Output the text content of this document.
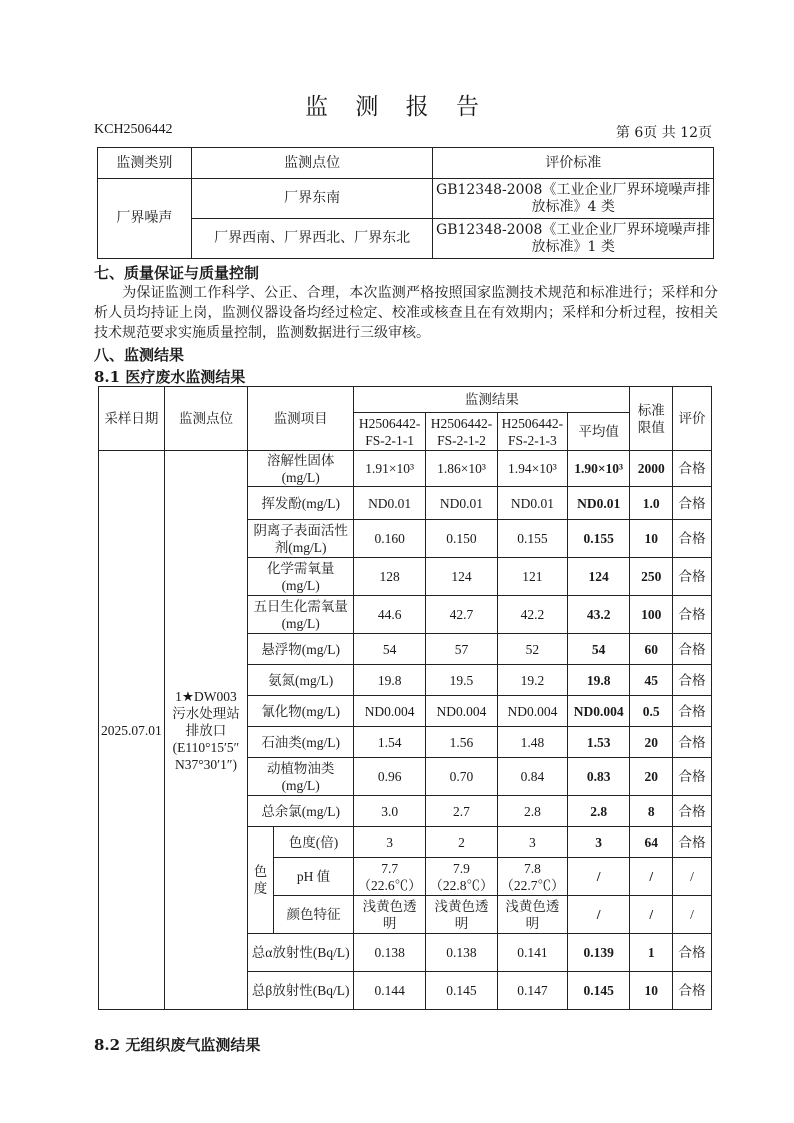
监 测 报 告
KCH2506442	第 6页 共 12页
监测类别	监测点位	评价标准
厂界噪声	厂界东南	GB12348-2008《工业企业厂界环境噪声排放标准》4 类
	厂界西南、厂界西北、厂界东北	GB12348-2008《工业企业厂界环境噪声排放标准》1 类
七、质量保证与质量控制
为保证监测工作科学、公正、合理，本次监测严格按照国家监测技术规范和标准进行；采样和分析人员均持证上岗，监测仪器设备均经过检定、校准或核查且在有效期内；采样和分析过程，按相关技术规范要求实施质量控制，监测数据进行三级审核。
八、监测结果
8.1 医疗废水监测结果
采样日期	监测点位	监测项目		监测结果				标准限值	评价
				H2506442-FS-2-1-1	H2506442-FS-2-1-2	H2506442-FS-2-1-3	平均值		
2025.07.01	1★DW003 污水处理站排放口 (E110°15′5″ N37°30′1″)	溶解性固体(mg/L)		1.91×10³	1.86×10³	1.94×10³	1.90×10³	2000	合格
		挥发酚(mg/L)		ND0.01	ND0.01	ND0.01	ND0.01	1.0	合格
		阴离子表面活性剂(mg/L)		0.160	0.150	0.155	0.155	10	合格
		化学需氧量(mg/L)		128	124	121	124	250	合格
		五日生化需氧量(mg/L)		44.6	42.7	42.2	43.2	100	合格
		悬浮物(mg/L)		54	57	52	54	60	合格
		氨氮(mg/L)		19.8	19.5	19.2	19.8	45	合格
		氰化物(mg/L)		ND0.004	ND0.004	ND0.004	ND0.004	0.5	合格
		石油类(mg/L)		1.54	1.56	1.48	1.53	20	合格
		动植物油类(mg/L)		0.96	0.70	0.84	0.83	20	合格
		总余氯(mg/L)		3.0	2.7	2.8	2.8	8	合格
		色度	色度(倍)	3	2	3	3	64	合格
			pH 值	7.7（22.6℃）	7.9（22.8℃）	7.8（22.7℃）	/	/	/
			颜色特征	浅黄色透明	浅黄色透明	浅黄色透明	/	/	/
		总α放射性(Bq/L)		0.138	0.138	0.141	0.139	1	合格
		总β放射性(Bq/L)		0.144	0.145	0.147	0.145	10	合格
8.2 无组织废气监测结果
